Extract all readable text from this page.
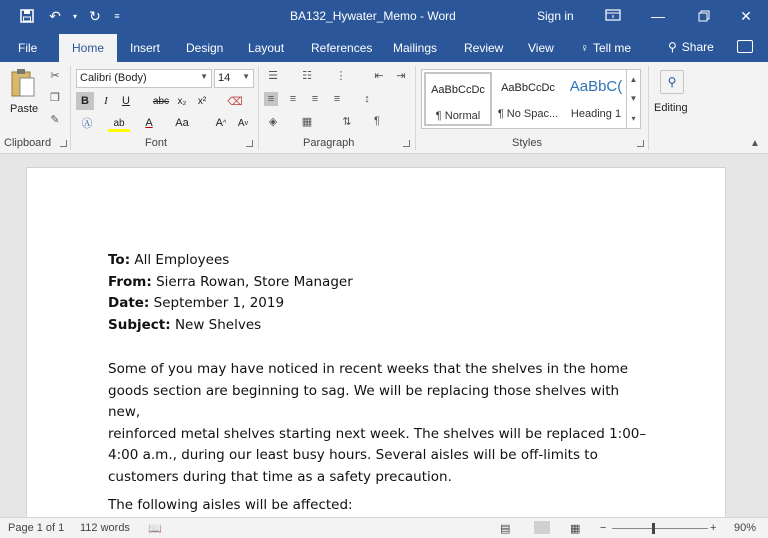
↶	▾ ↻	≡	BA132_Hywater_Memo - Word	Sign in	—	✕
File	Home	Insert Design Layout References Mailings Review View ♀ Tell me	⚲ Share
Paste
✂
❐
✎
Clipboard
Calibri (Body)	▼ 14 ▼
B	I	U	abc x₂	x²	⌫
Ⓐ	ab	A	Aa A ^ A v
Font
☰ ☷ ⋮	⇤ ⇥
≡	≡	≡	≡	↕
◈ ▦	⇅	¶
Paragraph
AaBbCcDc
¶ Normal
AaBbCcDc
¶ No Spac...
AaBbC(
Heading 1
▲
▼
▾
Styles
⚲
Editing
▲
To: All Employees
From: Sierra Rowan, Store Manager
Date: September 1, 2019
Subject: New Shelves
Some of you may have noticed in recent weeks that the shelves in the home
goods section are beginning to sag. We will be replacing those shelves with new,
reinforced metal shelves starting next week. The shelves will be replaced 1:00–
4:00 a.m., during our least busy hours. Several aisles will be off-limits to
customers during that time as a safety precaution.
The following aisles will be affected:
Page 1 of 1 112 words 📖	▤	▦ −	+ 90%
